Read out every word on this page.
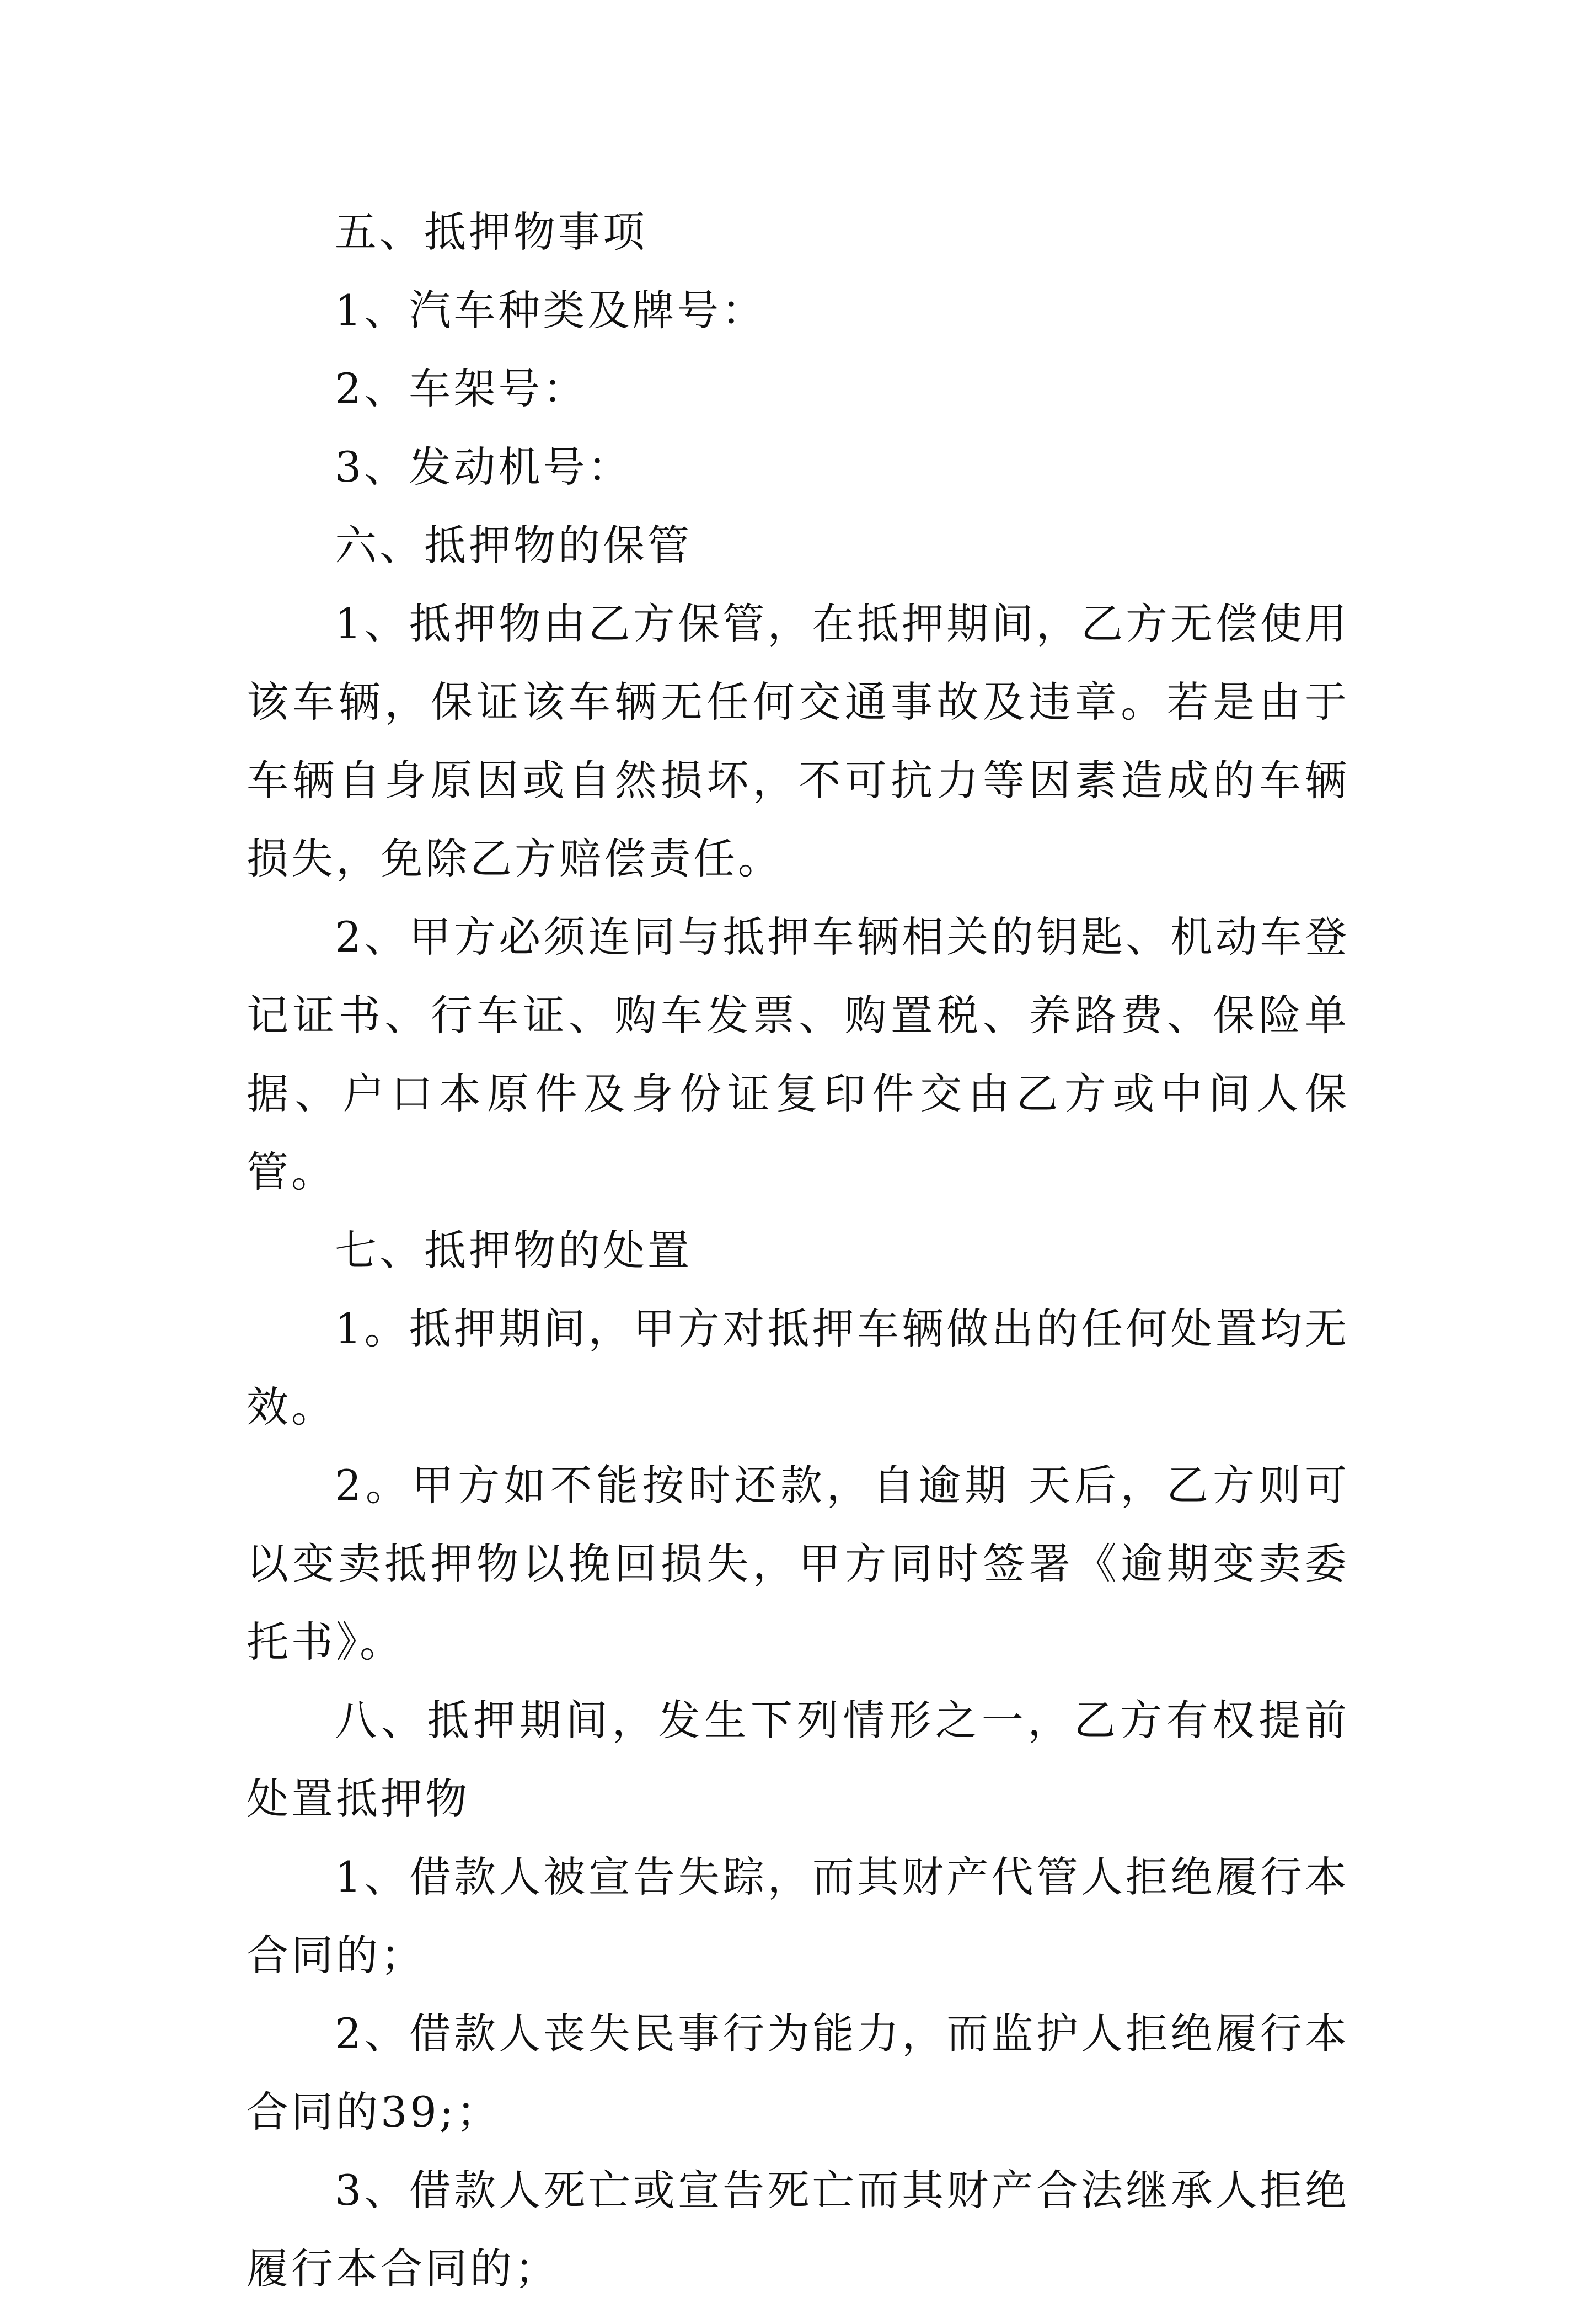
五、抵押物事项

1、汽车种类及牌号：

2、车架号：

3、发动机号：

六、抵押物的保管

1、抵押物由乙方保管，在抵押期间，乙方无偿使用该车辆，保证该车辆无任何交通事故及违章。若是由于车辆自身原因或自然损坏，不可抗力等因素造成的车辆损失，免除乙方赔偿责任。

2、甲方必须连同与抵押车辆相关的钥匙、机动车登记证书、行车证、购车发票、购置税、养路费、保险单据、户口本原件及身份证复印件交由乙方或中间人保管。

七、抵押物的处置

1。抵押期间，甲方对抵押车辆做出的任何处置均无效。

2。甲方如不能按时还款，自逾期 天后，乙方则可以变卖抵押物以挽回损失，甲方同时签署《逾期变卖委托书》。

八、抵押期间，发生下列情形之一，乙方有权提前处置抵押物

1、借款人被宣告失踪，而其财产代管人拒绝履行本合同的；

2、借款人丧失民事行为能力，而监护人拒绝履行本合同的39;；

3、借款人死亡或宣告死亡而其财产合法继承人拒绝履行本合同的；
